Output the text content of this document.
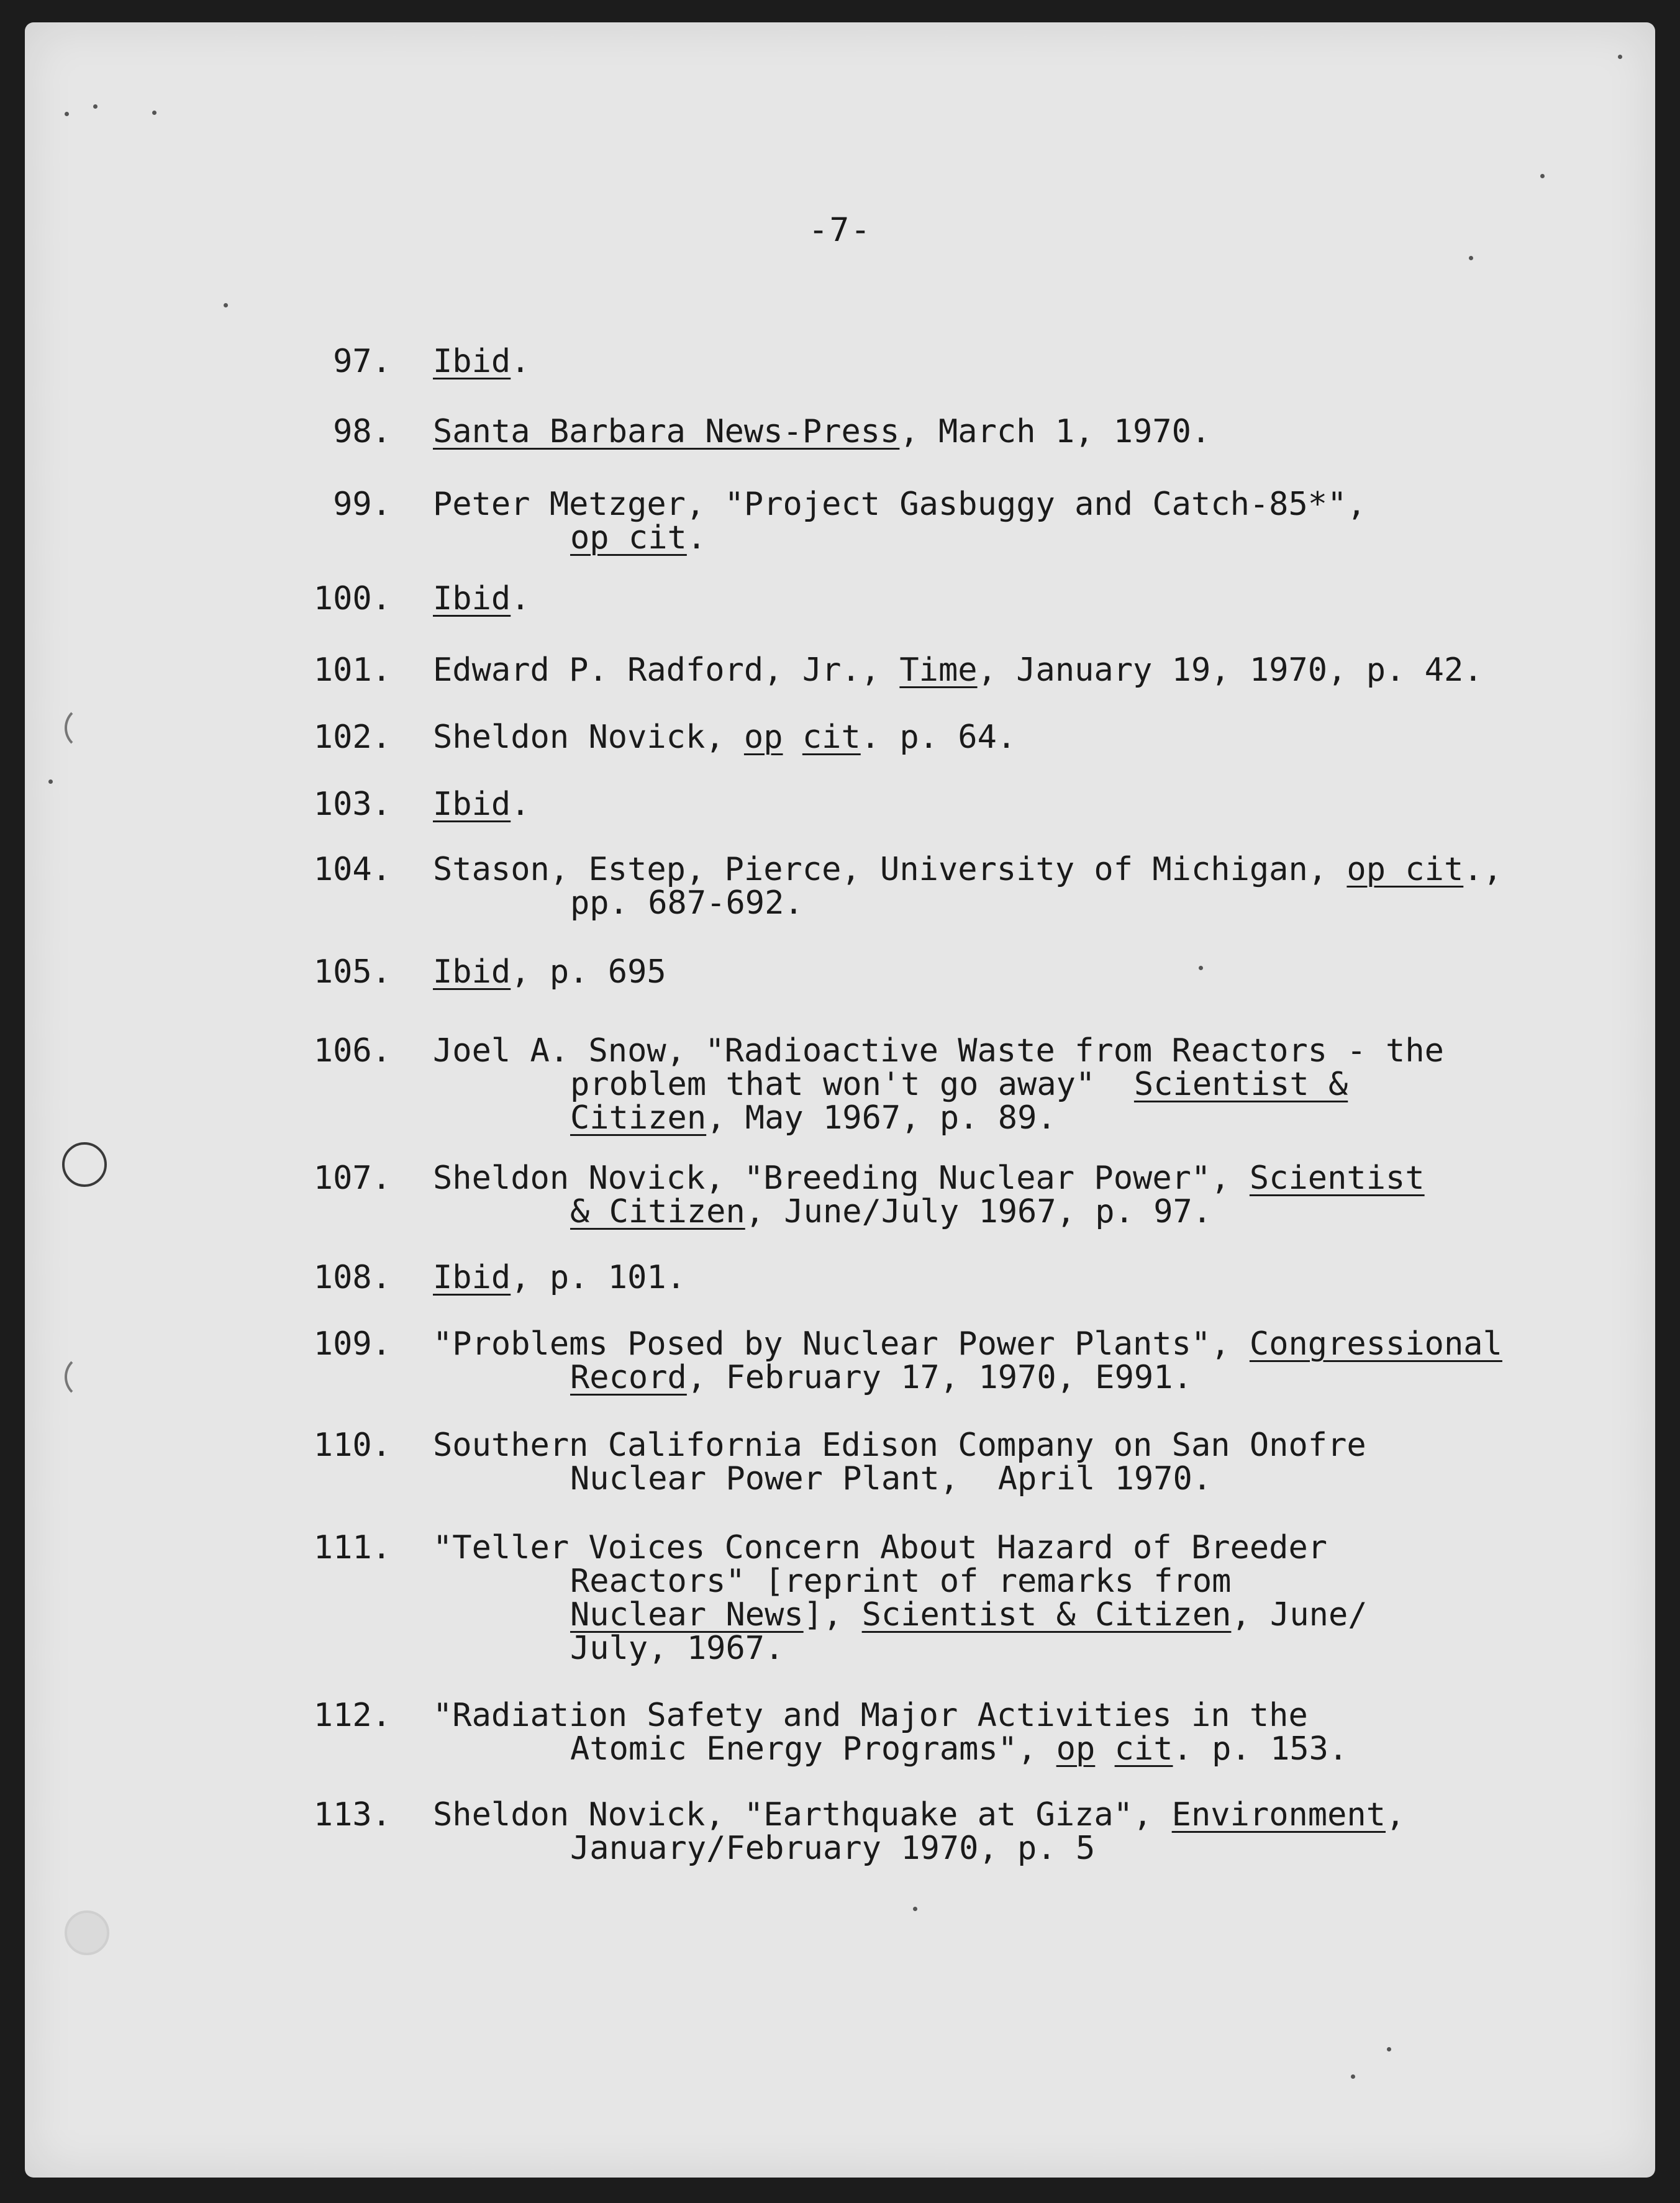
-7-
97. Ibid.
98. Santa Barbara News-Press, March 1, 1970.
99. Peter Metzger, "Project Gasbuggy and Catch-85*",
op cit.
100. Ibid.
101. Edward P. Radford, Jr., Time, January 19, 1970, p. 42.
102. Sheldon Novick, op cit. p. 64.
103. Ibid.
104. Stason, Estep, Pierce, University of Michigan, op cit.,
pp. 687-692.
105. Ibid, p. 695
106. Joel A. Snow, "Radioactive Waste from Reactors - the
problem that won't go away"  Scientist &
Citizen, May 1967, p. 89.
107. Sheldon Novick, "Breeding Nuclear Power", Scientist
& Citizen, June/July 1967, p. 97.
108. Ibid, p. 101.
109. "Problems Posed by Nuclear Power Plants", Congressional
Record, February 17, 1970, E991.
110. Southern California Edison Company on San Onofre
Nuclear Power Plant,  April 1970.
111. "Teller Voices Concern About Hazard of Breeder
Reactors" [reprint of remarks from
Nuclear News], Scientist & Citizen, June/
July, 1967.
112. "Radiation Safety and Major Activities in the
Atomic Energy Programs", op cit. p. 153.
113. Sheldon Novick, "Earthquake at Giza", Environment,
January/February 1970, p. 5
